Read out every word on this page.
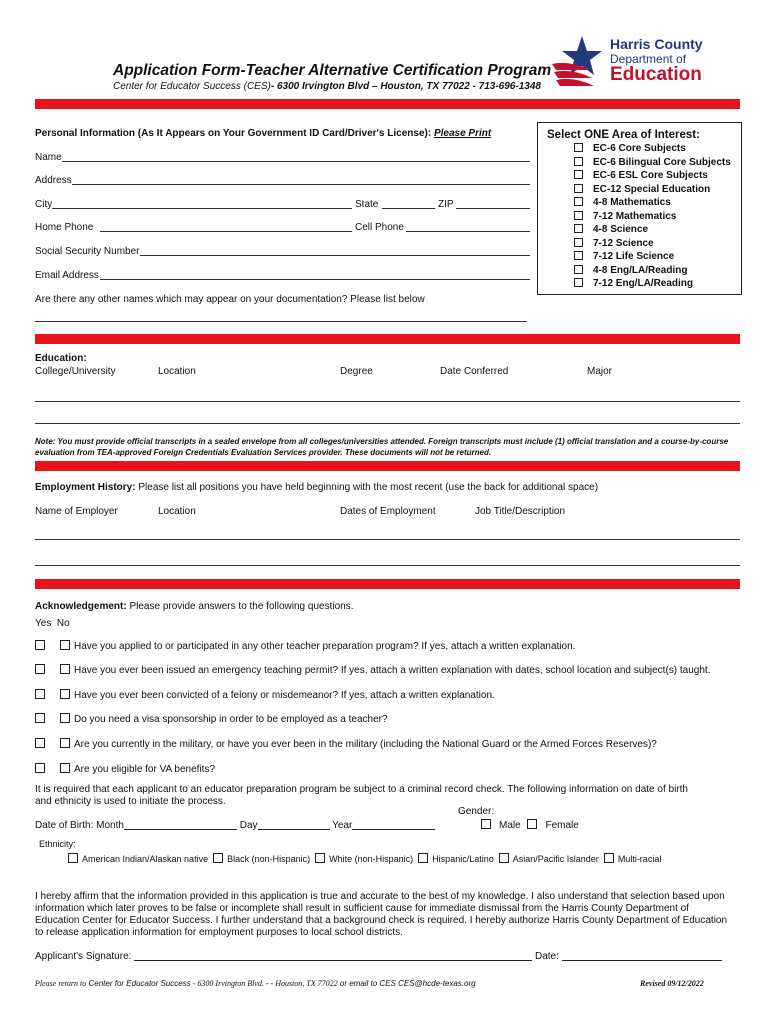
Application Form-Teacher Alternative Certification Program
Center for Educator Success (CES)- 6300 Irvington Blvd – Houston, TX 77022 - 713-696-1348
Harris County
Department of
Education
Personal Information (As It Appears on Your Government ID Card/Driver's License): Please Print
Name
Address
City	State	ZIP
Home Phone	Cell Phone
Social Security Number
Email Address
Are there any other names which may appear on your documentation? Please list below
Select ONE Area of Interest:
EC-6 Core Subjects
EC-6 Bilingual Core Subjects
EC-6 ESL Core Subjects
EC-12 Special Education
4-8 Mathematics
7-12 Mathematics
4-8 Science
7-12 Science
7-12 Life Science
4-8 Eng/LA/Reading
7-12 Eng/LA/Reading
Education:
College/University	Location	Degree	Date Conferred	Major
Note: You must provide official transcripts in a sealed envelope from all colleges/universities attended. Foreign transcripts must include (1) official translation and a course-by-course evaluation from TEA-approved Foreign Credentials Evaluation Services provider. These documents will not be returned.
Employment History: Please list all positions you have held beginning with the most recent (use the back for additional space)
Name of Employer	Location	Dates of Employment	Job Title/Description
Acknowledgement: Please provide answers to the following questions.
Yes No
Have you applied to or participated in any other teacher preparation program? If yes, attach a written explanation.
Have you ever been issued an emergency teaching permit? If yes, attach a written explanation with dates, school location and subject(s) taught.
Have you ever been convicted of a felony or misdemeanor? If yes, attach a written explanation.
Do you need a visa sponsorship in order to be employed as a teacher?
Are you currently in the military, or have you ever been in the military (including the National Guard or the Armed Forces Reserves)?
Are you eligible for VA benefits?
It is required that each applicant to an educator preparation program be subject to a criminal record check. The following information on date of birth
and ethnicity is used to initiate the process.
Gender:
Date of Birth: Month	Day	Year	Male Female
Ethnicity:
American Indian/Alaskan native Black (non-Hispanic) White (non-Hispanic) Hispanic/Latino Asian/Pacific Islander Multi-racial
I hereby affirm that the information provided in this application is true and accurate to the best of my knowledge. I also understand that selection based upon
information which later proves to be false or incomplete shall result in sufficient cause for immediate dismissal from the Harris County Department of
Education Center for Educator Success. I further understand that a background check is required. I hereby authorize Harris County Department of Education
to release application information for employment purposes to local school districts.
Applicant's Signature:	Date:
Please return to Center for Educator Success - 6300 Irvington Blvd. - - Houston, TX 77022 or email to CES CES@hcde-texas.org	Revised 09/12/2022
